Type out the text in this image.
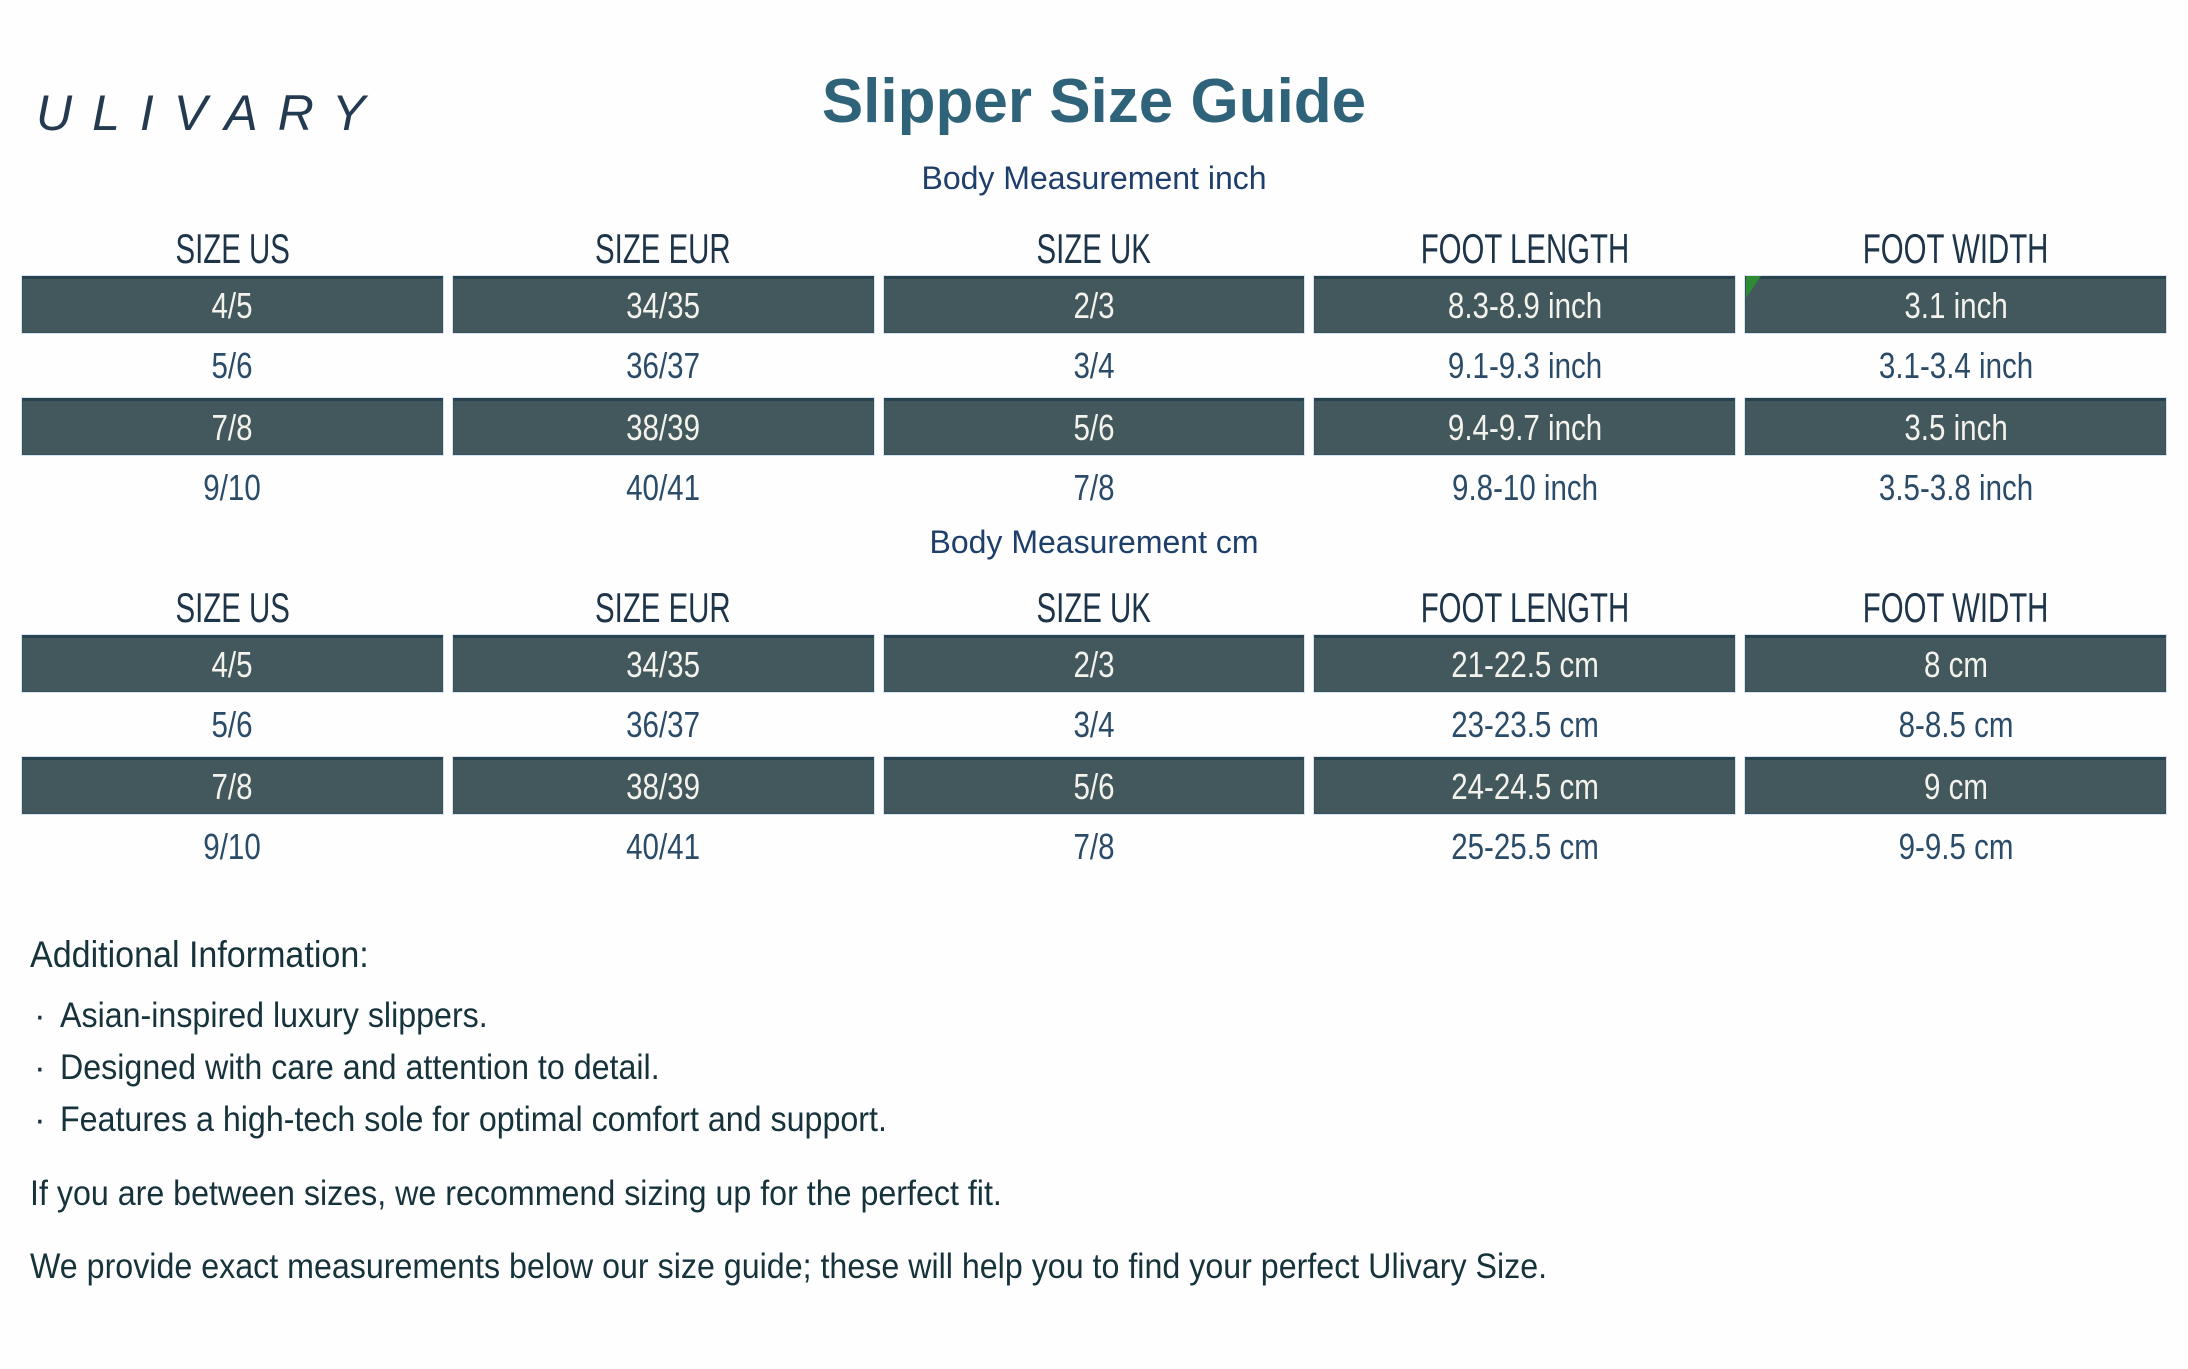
ULIVARY	Slipper Size Guide
Body Measurement inch
SIZE US	SIZE EUR	SIZE UK	FOOT LENGTH	FOOT WIDTH
4/5	34/35	2/3	8.3-8.9 inch	3.1 inch
5/6	36/37	3/4	9.1-9.3 inch	3.1-3.4 inch
7/8	38/39	5/6	9.4-9.7 inch	3.5 inch
9/10	40/41	7/8	9.8-10 inch	3.5-3.8 inch
Body Measurement cm
SIZE US	SIZE EUR	SIZE UK	FOOT LENGTH	FOOT WIDTH
4/5	34/35	2/3	21-22.5 cm	8 cm
5/6	36/37	3/4	23-23.5 cm	8-8.5 cm
7/8	38/39	5/6	24-24.5 cm	9 cm
9/10	40/41	7/8	25-25.5 cm	9-9.5 cm
Additional Information:
· Asian-inspired luxury slippers.
· Designed with care and attention to detail.
· Features a high-tech sole for optimal comfort and support.
If you are between sizes, we recommend sizing up for the perfect fit.
We provide exact measurements below our size guide; these will help you to find your perfect Ulivary Size.
